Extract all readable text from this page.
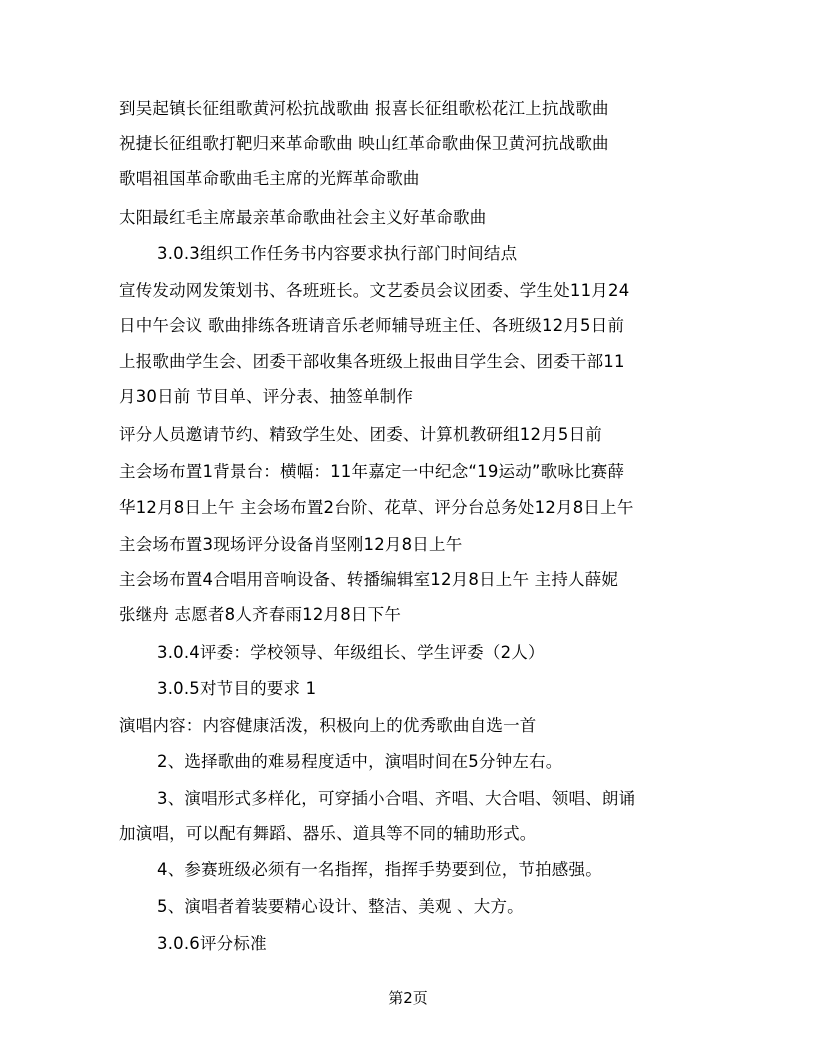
到吴起镇长征组歌黄河松抗战歌曲 报喜长征组歌松花江上抗战歌曲
祝捷长征组歌打靶归来革命歌曲 映山红革命歌曲保卫黄河抗战歌曲
歌唱祖国革命歌曲毛主席的光辉革命歌曲
太阳最红毛主席最亲革命歌曲社会主义好革命歌曲
3.0.3组织工作任务书内容要求执行部门时间结点
宣传发动网发策划书、各班班长。文艺委员会议团委、学生处11月24
日中午会议 歌曲排练各班请音乐老师辅导班主任、各班级12月5日前
上报歌曲学生会、团委干部收集各班级上报曲目学生会、团委干部11
月30日前 节目单、评分表、抽签单制作
评分人员邀请节约、精致学生处、团委、计算机教研组12月5日前
主会场布置1背景台：横幅：11年嘉定一中纪念“19运动”歌咏比赛薛
华12月8日上午 主会场布置2台阶、花草、评分台总务处12月8日上午
主会场布置3现场评分设备肖坚刚12月8日上午
主会场布置4合唱用音响设备、转播编辑室12月8日上午 主持人薛妮
张继舟 志愿者8人齐春雨12月8日下午
3.0.4评委：学校领导、年级组长、学生评委（2人）
3.0.5对节目的要求 1
演唱内容：内容健康活泼，积极向上的优秀歌曲自选一首
2、选择歌曲的难易程度适中，演唱时间在5分钟左右。
3、演唱形式多样化，可穿插小合唱、齐唱、大合唱、领唱、朗诵
加演唱，可以配有舞蹈、器乐、道具等不同的辅助形式。
4、参赛班级必须有一名指挥，指挥手势要到位，节拍感强。
5、演唱者着装要精心设计、整洁、美观 、大方。
3.0.6评分标准
第2页
